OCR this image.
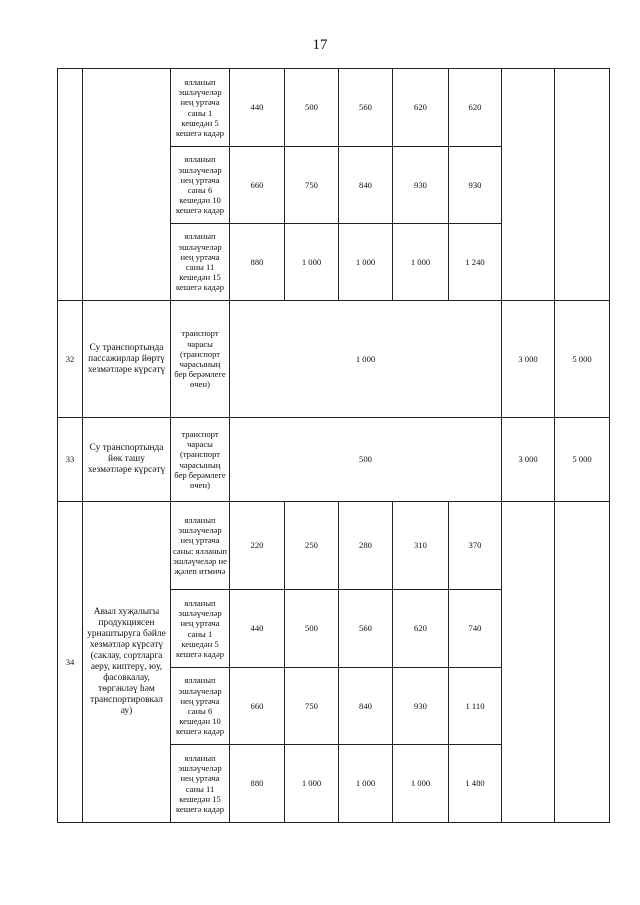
17
		ялланып эшләүчеләр нең уртача саны 1 кешедән 5 кешегә кадәр	440	500	560	620	620		
		ялланып эшләүчеләр нең уртача саны 6 кешедән 10 кешегә кадәр	660	750	840	930	930		
		ялланып эшләүчеләр нең уртача саны 11 кешедән 15 кешегә кадәр	880	1 000	1 000	1 000	1 240		
32	Су транспортында пассажирлар йөртү хезмәтләре күрсәтү	транспорт чарасы (транспорт чарасының бер берәмлеге өчен)	1 000					3 000	5 000
33	Су транспортында йөк ташу хезмәтләре күрсәтү	транспорт чарасы (транспорт чарасының бер берәмлеге өчен)	500					3 000	5 000
34	Авыл хуҗалыгы продукциясен урнаштыруга бәйле хезмәтләр күрсәтү (саклау, сортларга аеру, киптерү, юу, фасовкалау, төргәкләү һәм транспортировкал ау)	ялланып эшләүчеләр нең уртача саны: ялланып эшләүчеләр не җәлеп итмичә	220	250	280	310	370		
		ялланып эшләүчеләр нең уртача саны 1 кешедән 5 кешегә кадәр	440	500	560	620	740		
		ялланып эшләүчеләр нең уртача саны 6 кешедән 10 кешегә кадәр	660	750	840	930	1 110		
		ялланып эшләүчеләр нең уртача саны 11 кешедән 15 кешегә кадәр	880	1 000	1 000	1 000	1 480		
